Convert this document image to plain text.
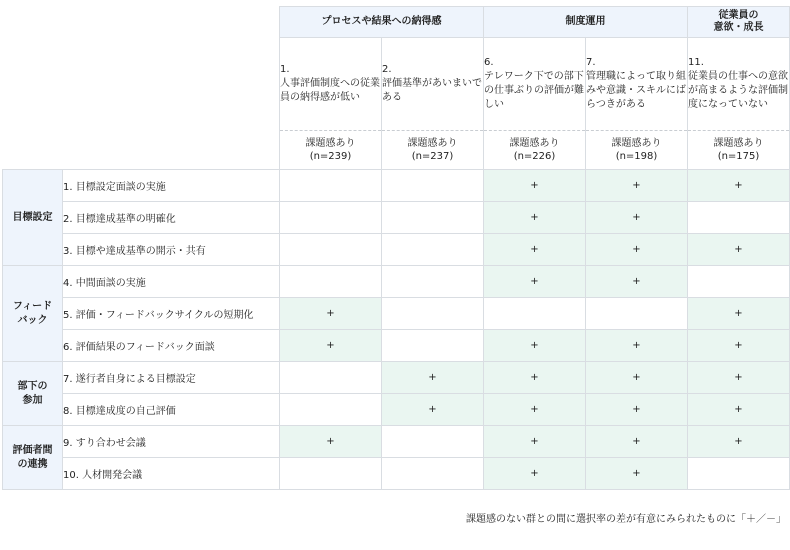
		プロセスや結果への納得感		制度運用		従業員の
意欲・成長

		1.
人事評価制度への従業員の納得感が低い	2.
評価基準があいまいである	6.
テレワーク下での部下の仕事ぶりの評価が難しい	7.
管理職によって取り組みや意識・スキルにばらつきがある	11.
従業員の仕事への意欲が高まるような評価制度になっていない

		課題感あり
(n=239)	課題感あり
(n=237)	課題感あり
(n=226)	課題感あり
(n=198)	課題感あり
(n=175)
目標設定	1. 目標設定面談の実施			+	+	+
	2. 目標達成基準の明確化			+	+	
	3. 目標や達成基準の開示・共有			+	+	+
フィード
バック	4. 中間面談の実施			+	+	
	5. 評価・フィードバックサイクルの短期化	+				+
	6. 評価結果のフィードバック面談	+		+	+	+
部下の
参加	7. 遂行者自身による目標設定		+	+	+	+
	8. 目標達成度の自己評価		+	+	+	+
評価者間
の連携	9. すり合わせ会議	+		+	+	+
	10. 人材開発会議			+	+	
課題感のない群との間に選択率の差が有意にみられたものに「＋／－」
